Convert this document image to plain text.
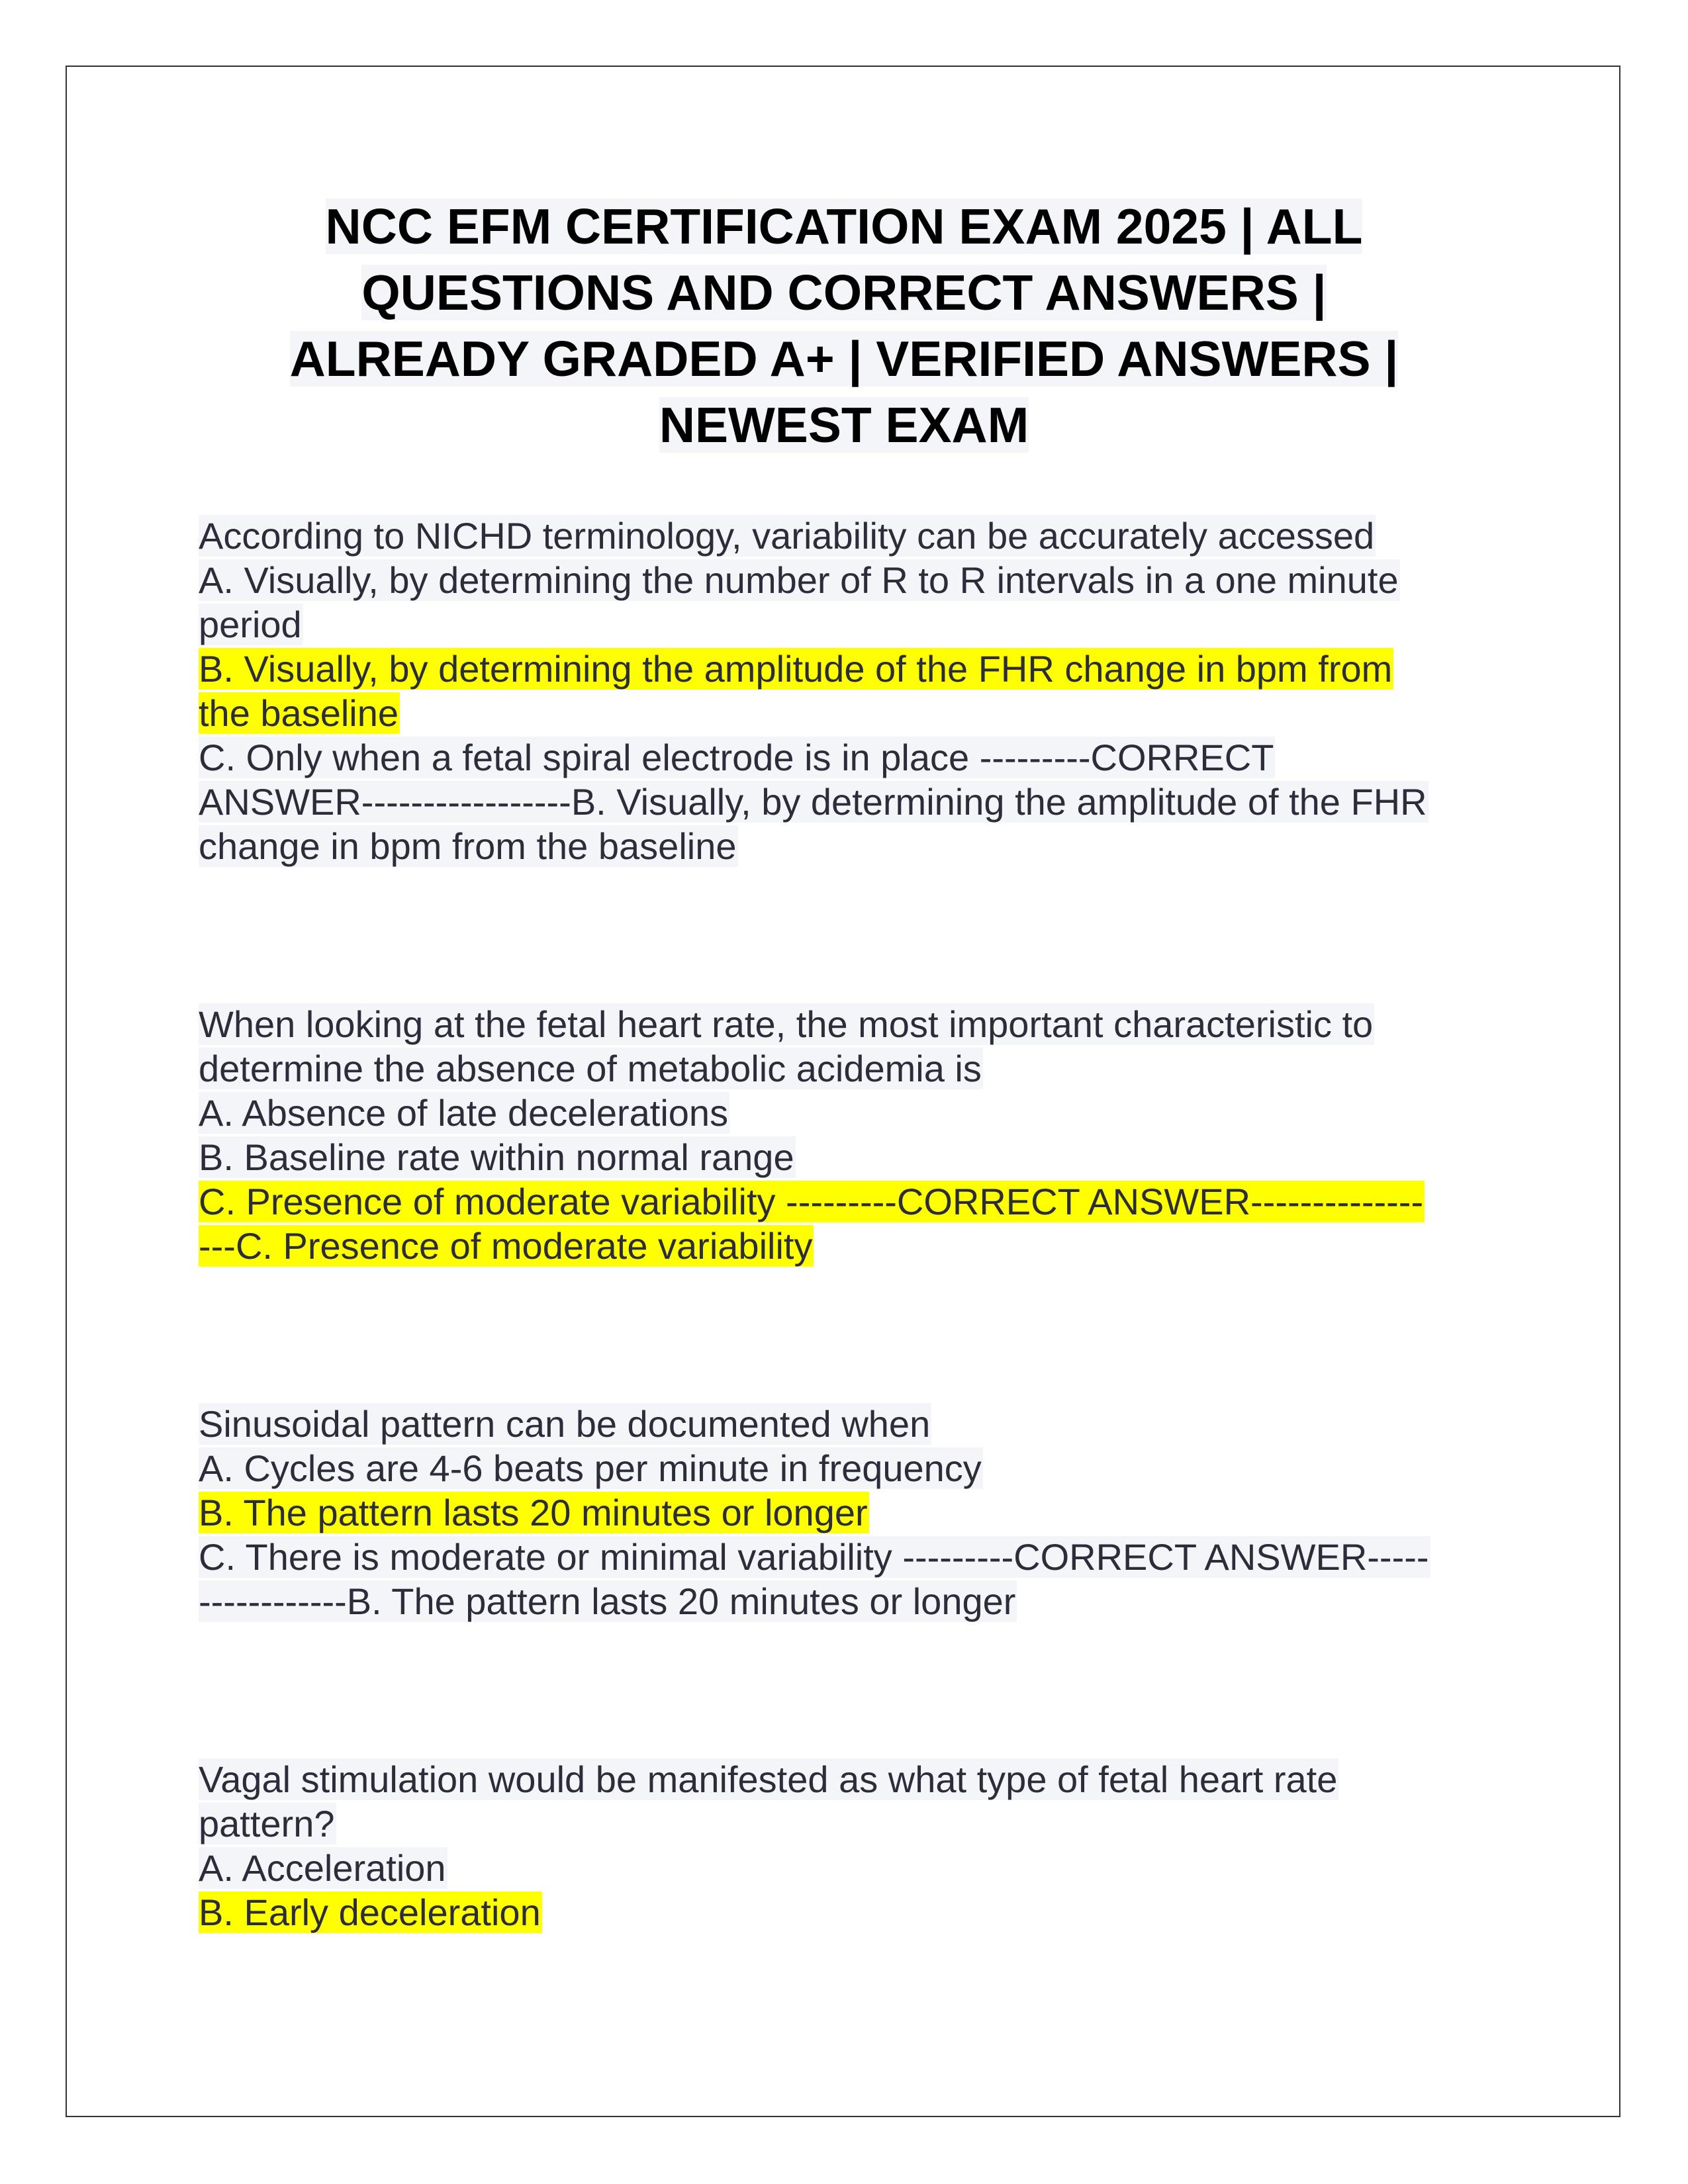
NCC EFM CERTIFICATION EXAM 2025 | ALL
QUESTIONS AND CORRECT ANSWERS |
ALREADY GRADED A+ | VERIFIED ANSWERS |
NEWEST EXAM
According to NICHD terminology, variability can be accurately accessed
A. Visually, by determining the number of R to R intervals in a one minute
period
B. Visually, by determining the amplitude of the FHR change in bpm from
the baseline
C. Only when a fetal spiral electrode is in place ---------CORRECT
ANSWER-----------------B. Visually, by determining the amplitude of the FHR
change in bpm from the baseline
When looking at the fetal heart rate, the most important characteristic to
determine the absence of metabolic acidemia is
A. Absence of late decelerations
B. Baseline rate within normal range
C. Presence of moderate variability ---------CORRECT ANSWER--------------
---C. Presence of moderate variability
Sinusoidal pattern can be documented when
A. Cycles are 4-6 beats per minute in frequency
B. The pattern lasts 20 minutes or longer
C. There is moderate or minimal variability ---------CORRECT ANSWER-----
------------B. The pattern lasts 20 minutes or longer
Vagal stimulation would be manifested as what type of fetal heart rate
pattern?
A. Acceleration
B. Early deceleration
